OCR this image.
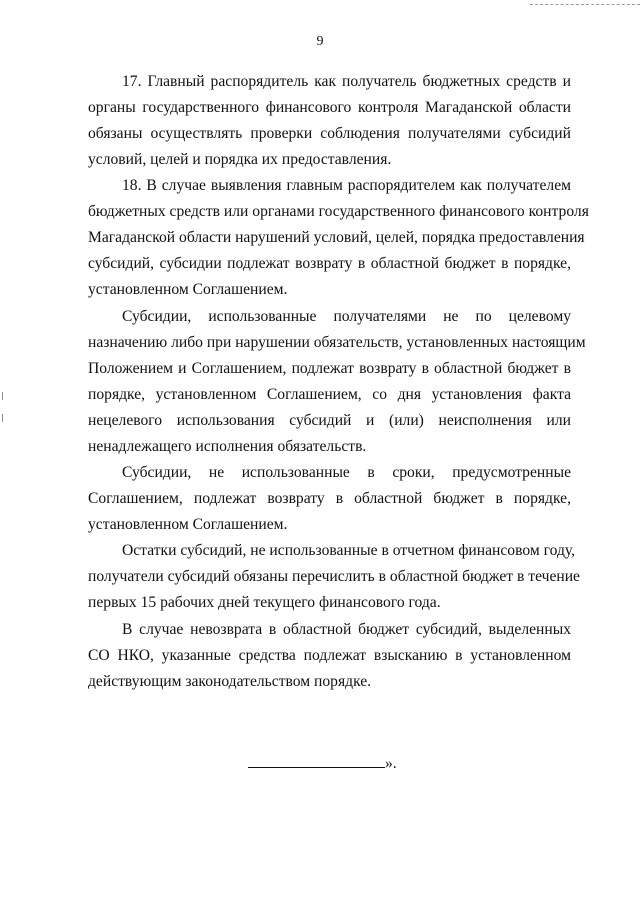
9
17. Главный распорядитель как получатель бюджетных средств и
органы государственного финансового контроля Магаданской области
обязаны осуществлять проверки соблюдения получателями субсидий
условий, целей и порядка их предоставления.
18. В случае выявления главным распорядителем как получателем
бюджетных средств или органами государственного финансового контроля
Магаданской области нарушений условий, целей, порядка предоставления
субсидий, субсидии подлежат возврату в областной бюджет в порядке,
установленном Соглашением.
Субсидии, использованные получателями не по целевому
назначению либо при нарушении обязательств, установленных настоящим
Положением и Соглашением, подлежат возврату в областной бюджет в
порядке, установленном Соглашением, со дня установления факта
нецелевого использования субсидий и (или) неисполнения или
ненадлежащего исполнения обязательств.
Субсидии, не использованные в сроки, предусмотренные
Соглашением, подлежат возврату в областной бюджет в порядке,
установленном Соглашением.
Остатки субсидий, не использованные в отчетном финансовом году,
получатели субсидий обязаны перечислить в областной бюджет в течение
первых 15 рабочих дней текущего финансового года.
В случае невозврата в областной бюджет субсидий, выделенных
СО НКО, указанные средства подлежат взысканию в установленном
действующим законодательством порядке.
».
